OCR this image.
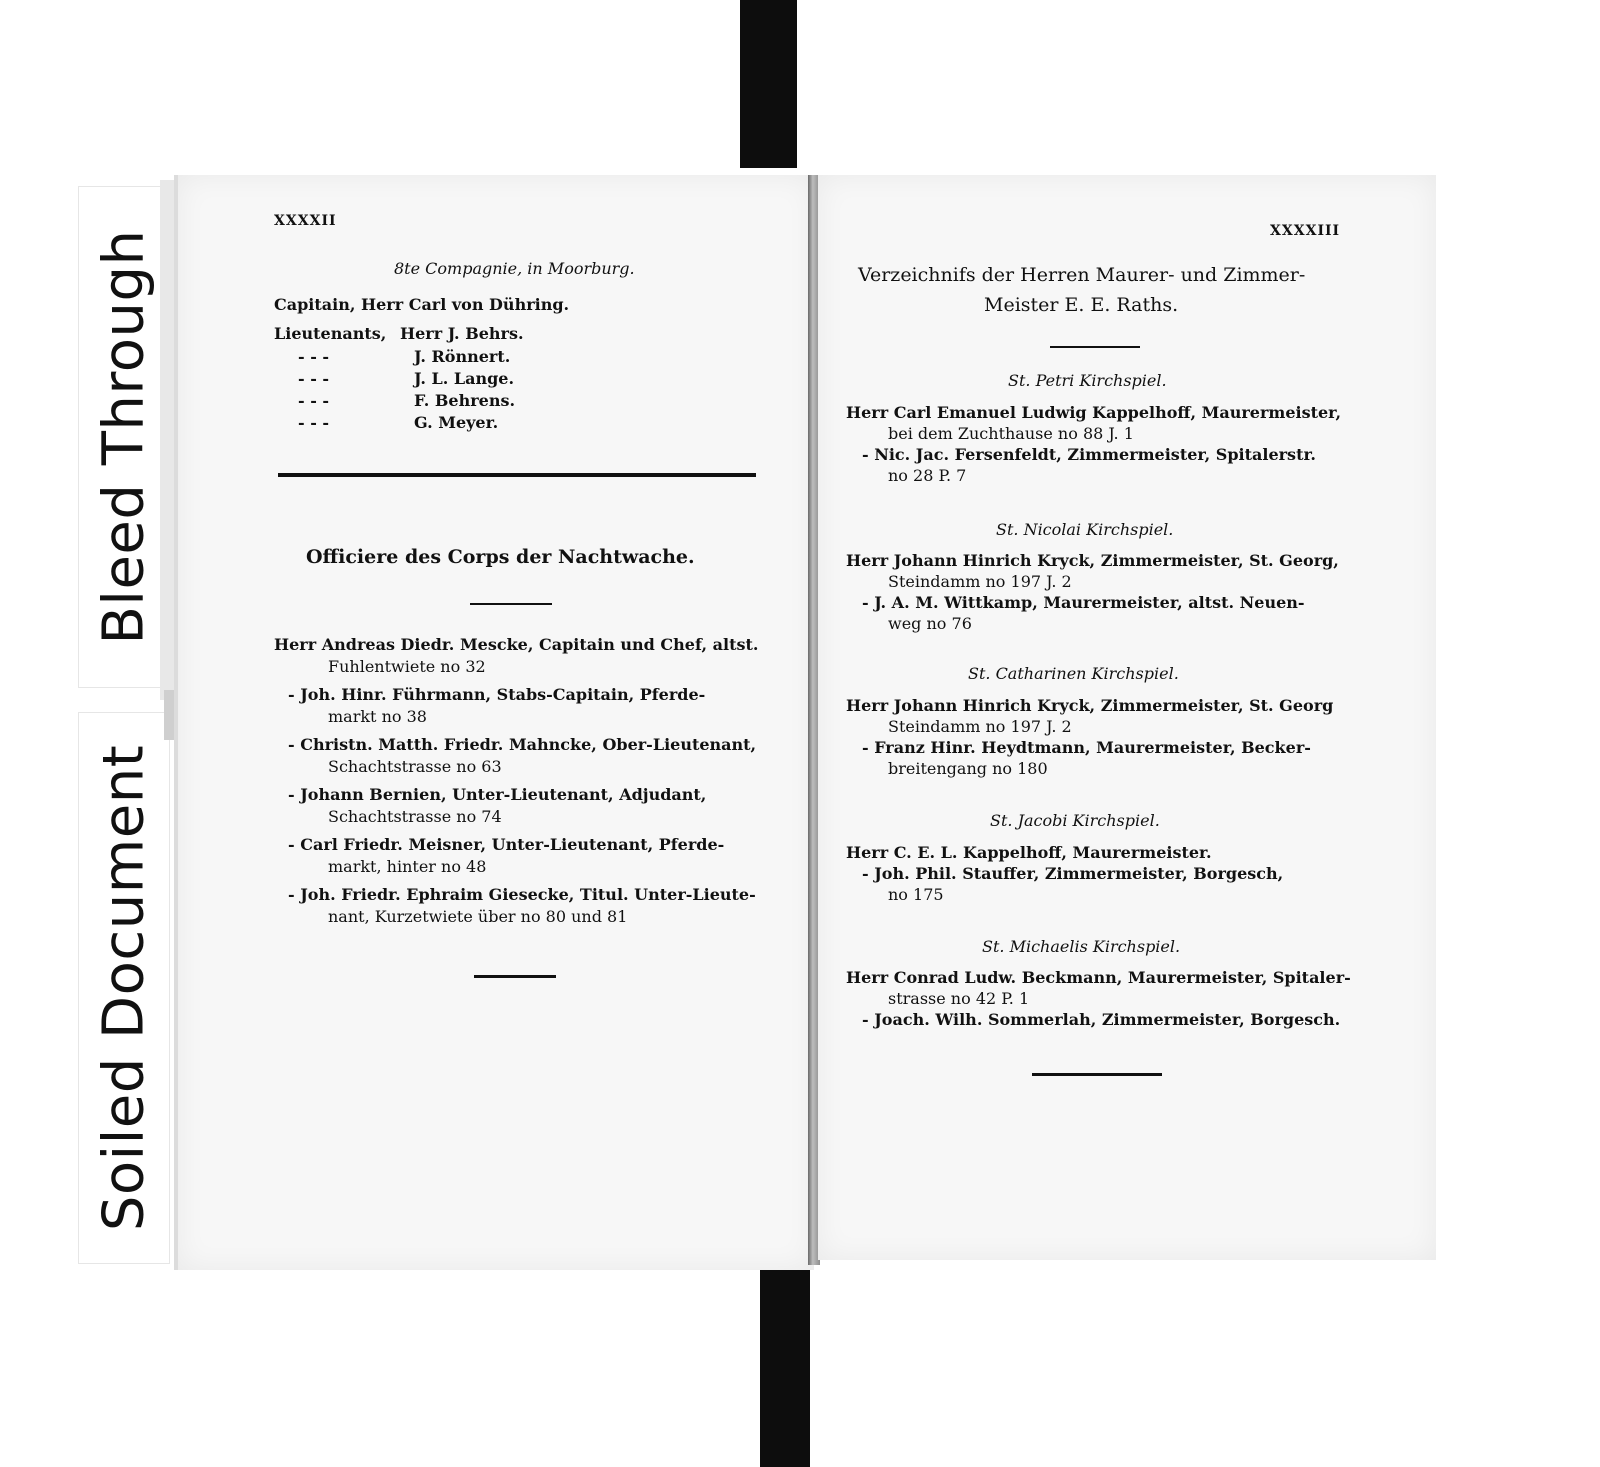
Bleed Through
Soiled Document
XXXXII
8te Compagnie, in Moorburg.
Capitain, Herr Carl von Dühring.
Lieutenants, Herr J. Behrs.
- - -	J. Rönnert.
- - -	J. L. Lange.
- - -	F. Behrens.
- - -	G. Meyer.
Officiere des Corps der Nachtwache.
Herr Andreas Diedr. Mescke, Capitain und Chef, altst.
Fuhlentwiete no 32
- Joh. Hinr. Führmann, Stabs-Capitain, Pferde-
markt no 38
- Christn. Matth. Friedr. Mahncke, Ober-Lieutenant,
Schachtstrasse no 63
- Johann Bernien, Unter-Lieutenant, Adjudant,
Schachtstrasse no 74
- Carl Friedr. Meisner, Unter-Lieutenant, Pferde-
markt, hinter no 48
- Joh. Friedr. Ephraim Giesecke, Titul. Unter-Lieute-
nant, Kurzetwiete über no 80 und 81
XXXXIII
Verzeichnifs der Herren Maurer- und Zimmer-
Meister E. E. Raths.
St. Petri Kirchspiel.
Herr Carl Emanuel Ludwig Kappelhoff, Maurermeister,
bei dem Zuchthause no 88 J. 1
- Nic. Jac. Fersenfeldt, Zimmermeister, Spitalerstr.
no 28 P. 7
St. Nicolai Kirchspiel.
Herr Johann Hinrich Kryck, Zimmermeister, St. Georg,
Steindamm no 197 J. 2
- J. A. M. Wittkamp, Maurermeister, altst. Neuen-
weg no 76
St. Catharinen Kirchspiel.
Herr Johann Hinrich Kryck, Zimmermeister, St. Georg
Steindamm no 197 J. 2
- Franz Hinr. Heydtmann, Maurermeister, Becker-
breitengang no 180
St. Jacobi Kirchspiel.
Herr C. E. L. Kappelhoff, Maurermeister.
- Joh. Phil. Stauffer, Zimmermeister, Borgesch,
no 175
St. Michaelis Kirchspiel.
Herr Conrad Ludw. Beckmann, Maurermeister, Spitaler-
strasse no 42 P. 1
- Joach. Wilh. Sommerlah, Zimmermeister, Borgesch.
